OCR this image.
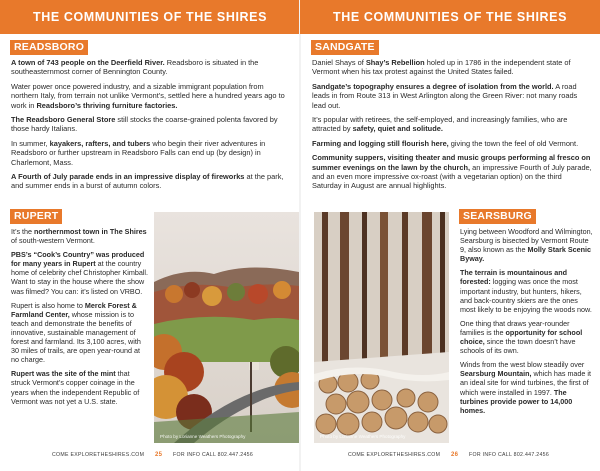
THE COMMUNITIES OF THE SHIRES
READSBORO

A town of 743 people on the Deerfield River. Readsboro is situated in the southeasternmost corner of Bennington County.

Water power once powered industry, and a sizable immigrant population from northern Italy, from terrain not unlike Vermont’s, settled here a hundred years ago to work in Readsboro’s thriving furniture factories.

The Readsboro General Store still stocks the coarse-grained polenta favored by those hardy Italians.

In summer, kayakers, rafters, and tubers who begin their river adventures in Readsboro or further upstream in Readsboro Falls can end up (by design) in Charlemont, Mass.

A Fourth of July parade ends in an impressive display of fireworks at the park, and summer ends in a burst of autumn colors.

RUPERT

It’s the northernmost town in The Shires of south-western Vermont.

PBS’s “Cook’s Country” was produced for many years in Rupert at the country home of celebrity chef Christopher Kimball. Want to stay in the house where the show was filmed? You can: it’s listed on VRBO.

Rupert is also home to Merck Forest & Farmland Center, whose mission is to teach and demonstrate the benefits of innovative, sustainable management of forest and farmland. Its 3,100 acres, with 30 miles of trails, are open year-round at no charge.

Rupert was the site of the mint that struck Vermont’s copper coinage in the years when the independent Republic of Vermont was not yet a U.S. state.

Photo by Lorianne Weathers Photography
COME EXPLORETHESHIRES.COM 25 FOR INFO CALL 802.447.2456
THE COMMUNITIES OF THE SHIRES
SANDGATE

Daniel Shays of Shay’s Rebellion holed up in 1786 in the independent state of Vermont when his tax protest against the United States failed.

Sandgate’s topography ensures a degree of isolation from the world. A road leads in from Route 313 in West Arlington along the Green River: not many roads lead out.

It’s popular with retirees, the self-employed, and increasingly families, who are attracted by safety, quiet and solitude.

Farming and logging still flourish here, giving the town the feel of old Vermont.

Community suppers, visiting theater and music groups performing al fresco on summer evenings on the lawn by the church, an impressive Fourth of July parade, and an even more impressive ox-roast (with a vegetarian option) on the third Saturday in August are annual highlights.

Photo by Lorianne Weathers Photography
SEARSBURG

Lying between Woodford and Wilmington, Searsburg is bisected by Vermont Route 9, also known as the Molly Stark Scenic Byway.

The terrain is mountainous and forested: logging was once the most important industry, but hunters, hikers, and back-country skiers are the ones most likely to be enjoying the woods now.

One thing that draws year-rounder families is the opportunity for school choice, since the town doesn’t have schools of its own.

Winds from the west blow steadily over Searsburg Mountain, which has made it an ideal site for wind turbines, the first of which were installed in 1997. The turbines provide power to 14,000 homes.

COME EXPLORETHESHIRES.COM 26 FOR INFO CALL 802.447.2456
